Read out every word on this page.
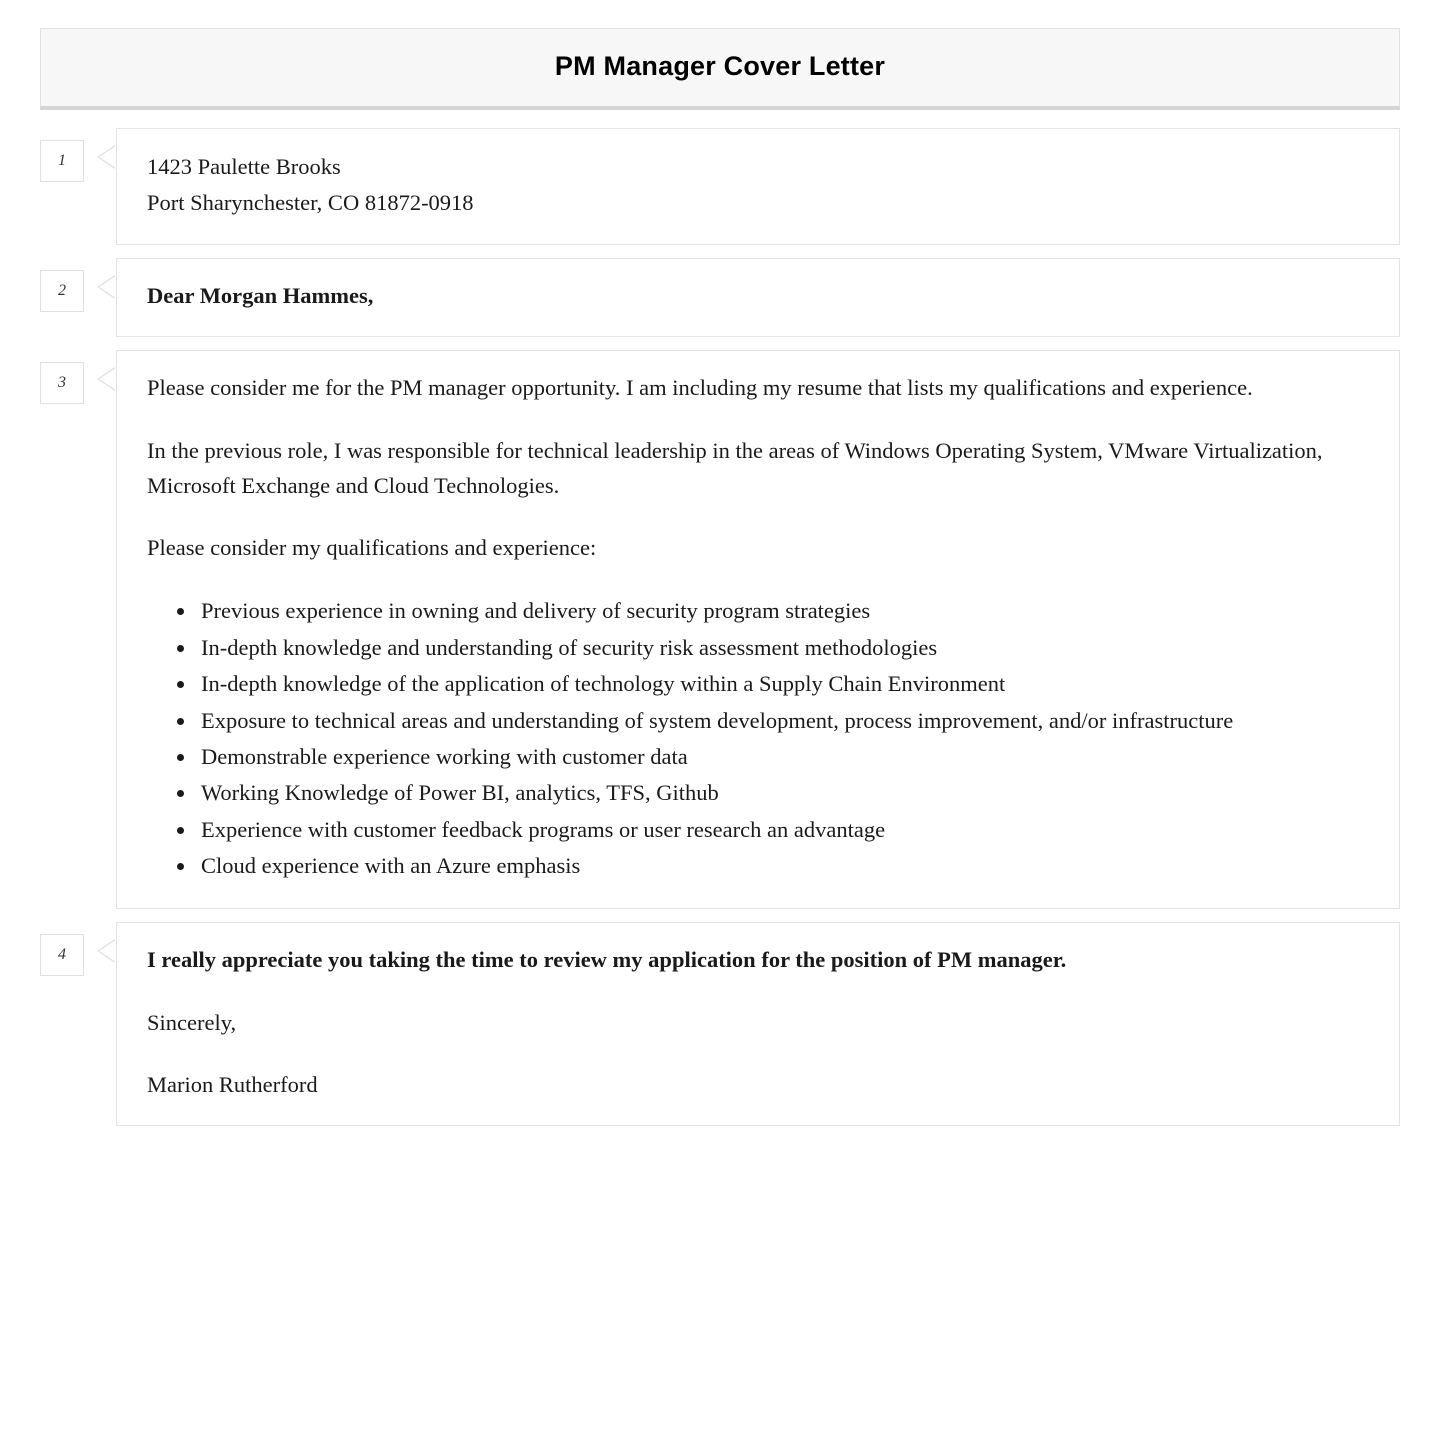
PM Manager Cover Letter
1	1423 Paulette Brooks
Port Sharynchester, CO 81872-0918
2	Dear Morgan Hammes,

3	Please consider me for the PM manager opportunity. I am including my resume that lists my qualifications and experience.

In the previous role, I was responsible for technical leadership in the areas of Windows Operating System, VMware Virtualization, Microsoft Exchange and Cloud Technologies.

Please consider my qualifications and experience:

• Previous experience in owning and delivery of security program strategies
• In-depth knowledge and understanding of security risk assessment methodologies
• In-depth knowledge of the application of technology within a Supply Chain Environment
• Exposure to technical areas and understanding of system development, process improvement, and/or infrastructure
• Demonstrable experience working with customer data
• Working Knowledge of Power BI, analytics, TFS, Github
• Experience with customer feedback programs or user research an advantage
• Cloud experience with an Azure emphasis
4	I really appreciate you taking the time to review my application for the position of PM manager.

Sincerely,

Marion Rutherford
